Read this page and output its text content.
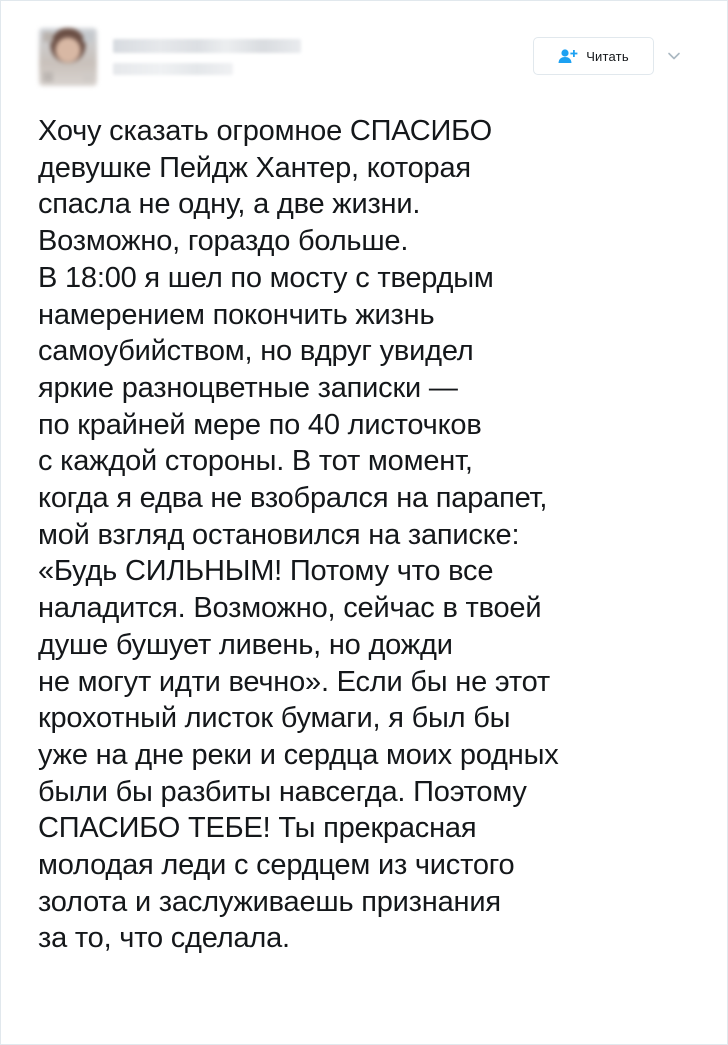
Читать

Хочу сказать огромное СПАСИБО
девушке Пейдж Хантер, которая
спасла не одну, а две жизни.
Возможно, гораздо больше.
В 18:00 я шел по мосту с твердым
намерением покончить жизнь
самоубийством, но вдруг увидел
яркие разноцветные записки —
по крайней мере по 40 листочков
с каждой стороны. В тот момент,
когда я едва не взобрался на парапет,
мой взгляд остановился на записке:
«Будь СИЛЬНЫМ! Потому что все
наладится. Возможно, сейчас в твоей
душе бушует ливень, но дожди
не могут идти вечно». Если бы не этот
крохотный листок бумаги, я был бы
уже на дне реки и сердца моих родных
были бы разбиты навсегда. Поэтому
СПАСИБО ТЕБЕ! Ты прекрасная
молодая леди с сердцем из чистого
золота и заслуживаешь признания
за то, что сделала.
